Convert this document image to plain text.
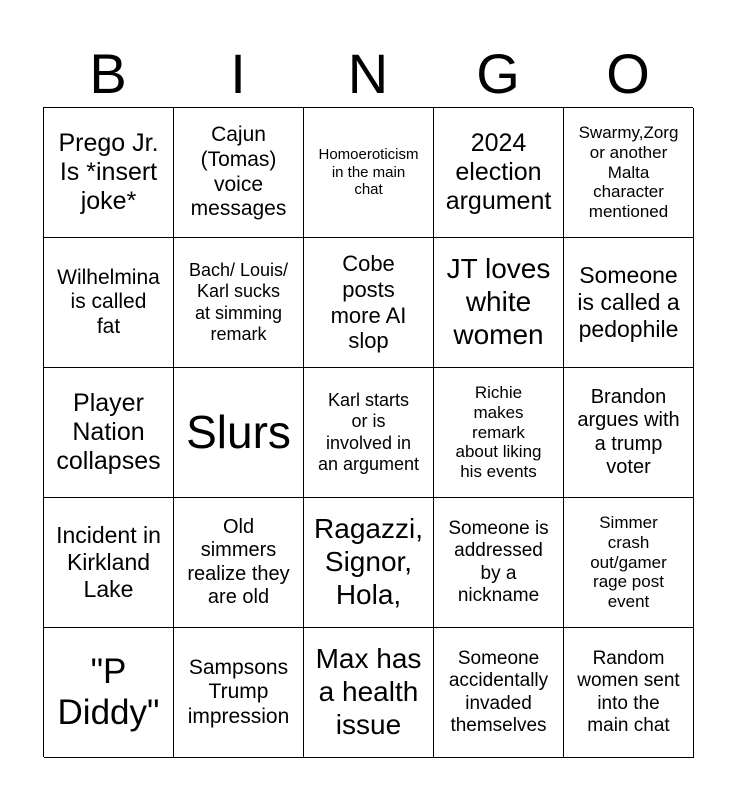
B	I	N	G	O
Prego Jr.
Is *insert
joke*
Cajun
(Tomas)
voice
messages
Homoeroticism
in the main
chat
2024
election
argument
Swarmy,Zorg
or another
Malta
character
mentioned
Wilhelmina
is called
fat
Bach/ Louis/
Karl sucks
at simming
remark
Cobe
posts
more AI
slop
JT loves
white
women
Someone
is called a
pedophile
Player
Nation
collapses
Slurs
Karl starts
or is
involved in
an argument
Richie
makes
remark
about liking
his events
Brandon
argues with
a trump
voter
Incident in
Kirkland
Lake
Old
simmers
realize they
are old
Ragazzi,
Signor,
Hola,
Someone is
addressed
by a
nickname
Simmer
crash
out/gamer
rage post
event
"P
Diddy"
Sampsons
Trump
impression
Max has
a health
issue
Someone
accidentally
invaded
themselves
Random
women sent
into the
main chat
